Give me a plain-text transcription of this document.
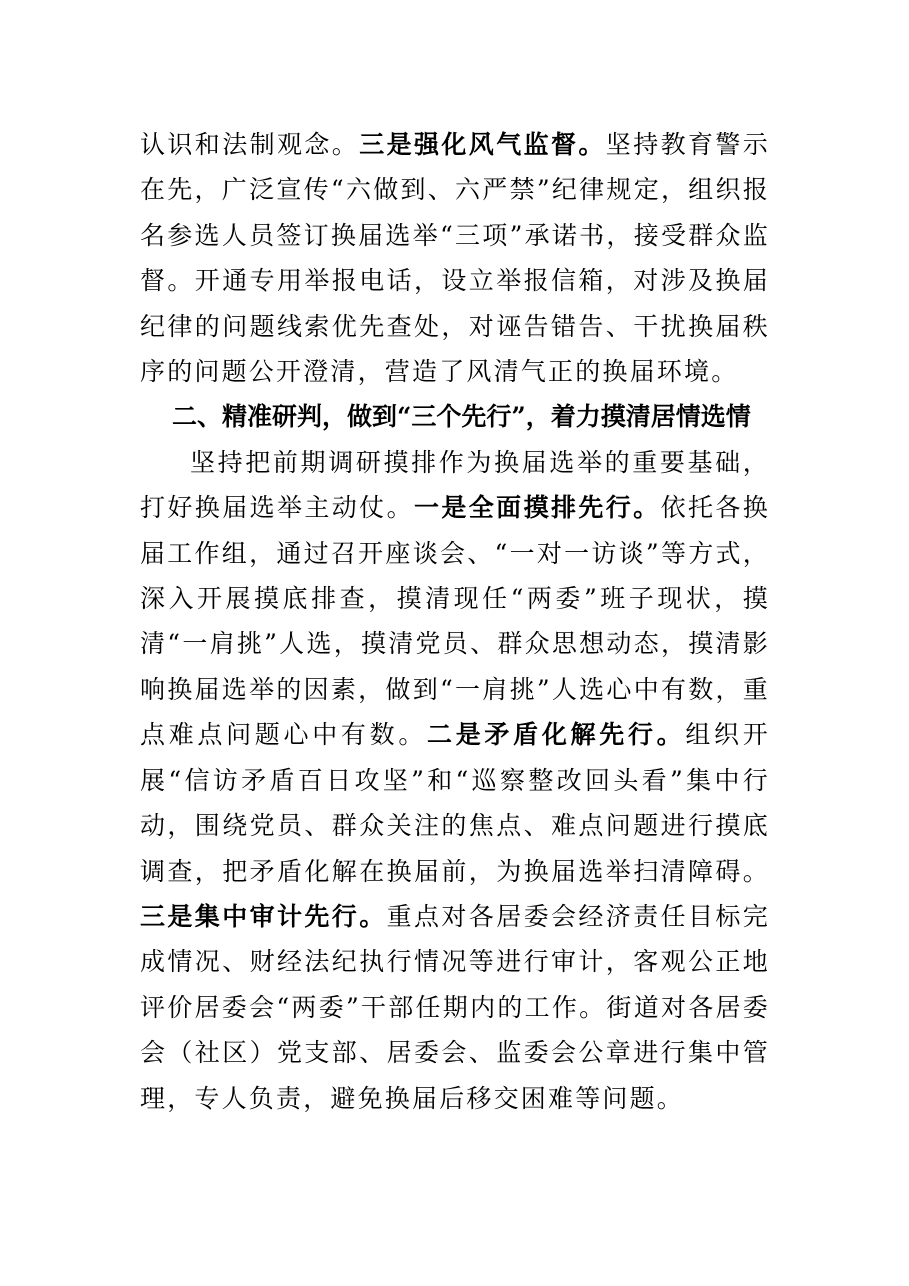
认识和法制观念。三是强化风气监督。坚持教育警示在先，广泛宣传“六做到、六严禁”纪律规定，组织报名参选人员签订换届选举“三项”承诺书，接受群众监督。开通专用举报电话，设立举报信箱，对涉及换届纪律的问题线索优先查处，对诬告错告、干扰换届秩序的问题公开澄清，营造了风清气正的换届环境。

二、精准研判，做到“三个先行”，着力摸清居情选情

坚持把前期调研摸排作为换届选举的重要基础，打好换届选举主动仗。一是全面摸排先行。依托各换届工作组，通过召开座谈会、“一对一访谈”等方式，深入开展摸底排查，摸清现任“两委”班子现状，摸清“一肩挑”人选，摸清党员、群众思想动态，摸清影响换届选举的因素，做到“一肩挑”人选心中有数，重点难点问题心中有数。二是矛盾化解先行。组织开展“信访矛盾百日攻坚”和“巡察整改回头看”集中行动，围绕党员、群众关注的焦点、难点问题进行摸底调查，把矛盾化解在换届前，为换届选举扫清障碍。三是集中审计先行。重点对各居委会经济责任目标完成情况、财经法纪执行情况等进行审计，客观公正地评价居委会“两委”干部任期内的工作。街道对各居委会（社区）党支部、居委会、监委会公章进行集中管理，专人负责，避免换届后移交困难等问题。
